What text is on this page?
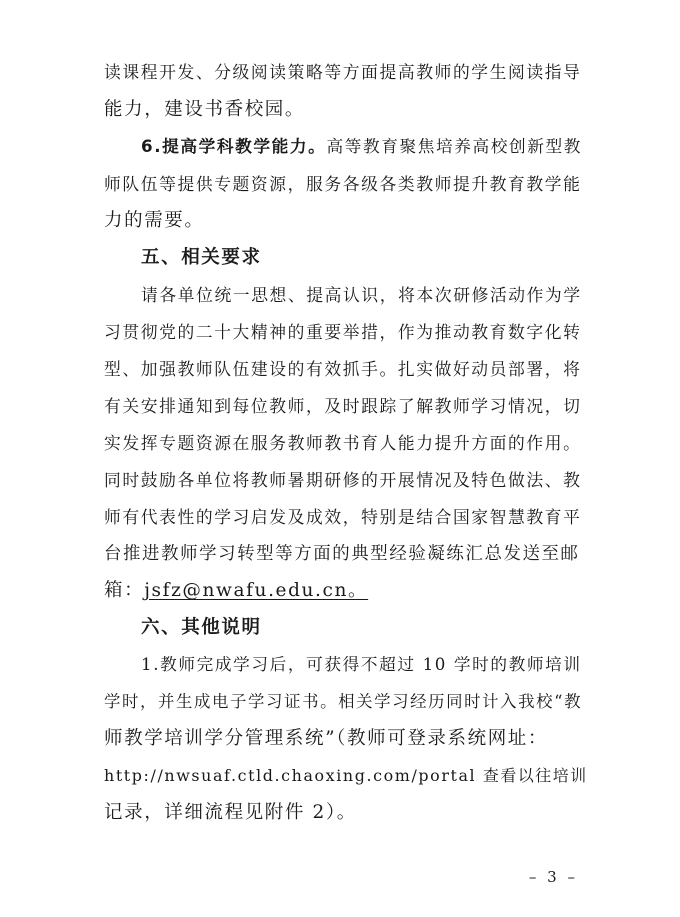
读课程开发、分级阅读策略等方面提高教师的学生阅读指导
能力，建设书香校园。
6.提高学科教学能力。高等教育聚焦培养高校创新型教
师队伍等提供专题资源，服务各级各类教师提升教育教学能
力的需要。
五、相关要求
请各单位统一思想、提高认识，将本次研修活动作为学
习贯彻党的二十大精神的重要举措，作为推动教育数字化转
型、加强教师队伍建设的有效抓手。扎实做好动员部署，将
有关安排通知到每位教师，及时跟踪了解教师学习情况，切
实发挥专题资源在服务教师教书育人能力提升方面的作用。
同时鼓励各单位将教师暑期研修的开展情况及特色做法、教
师有代表性的学习启发及成效，特别是结合国家智慧教育平
台推进教师学习转型等方面的典型经验凝练汇总发送至邮
箱：jsfz@nwafu.edu.cn。
六、其他说明
1.教师完成学习后，可获得不超过 10 学时的教师培训
学时，并生成电子学习证书。相关学习经历同时计入我校“教
师教学培训学分管理系统”（教师可登录系统网址：
http://nwsuaf.ctld.chaoxing.com/portal 查看以往培训
记录，详细流程见附件 2）。
– 3 –
